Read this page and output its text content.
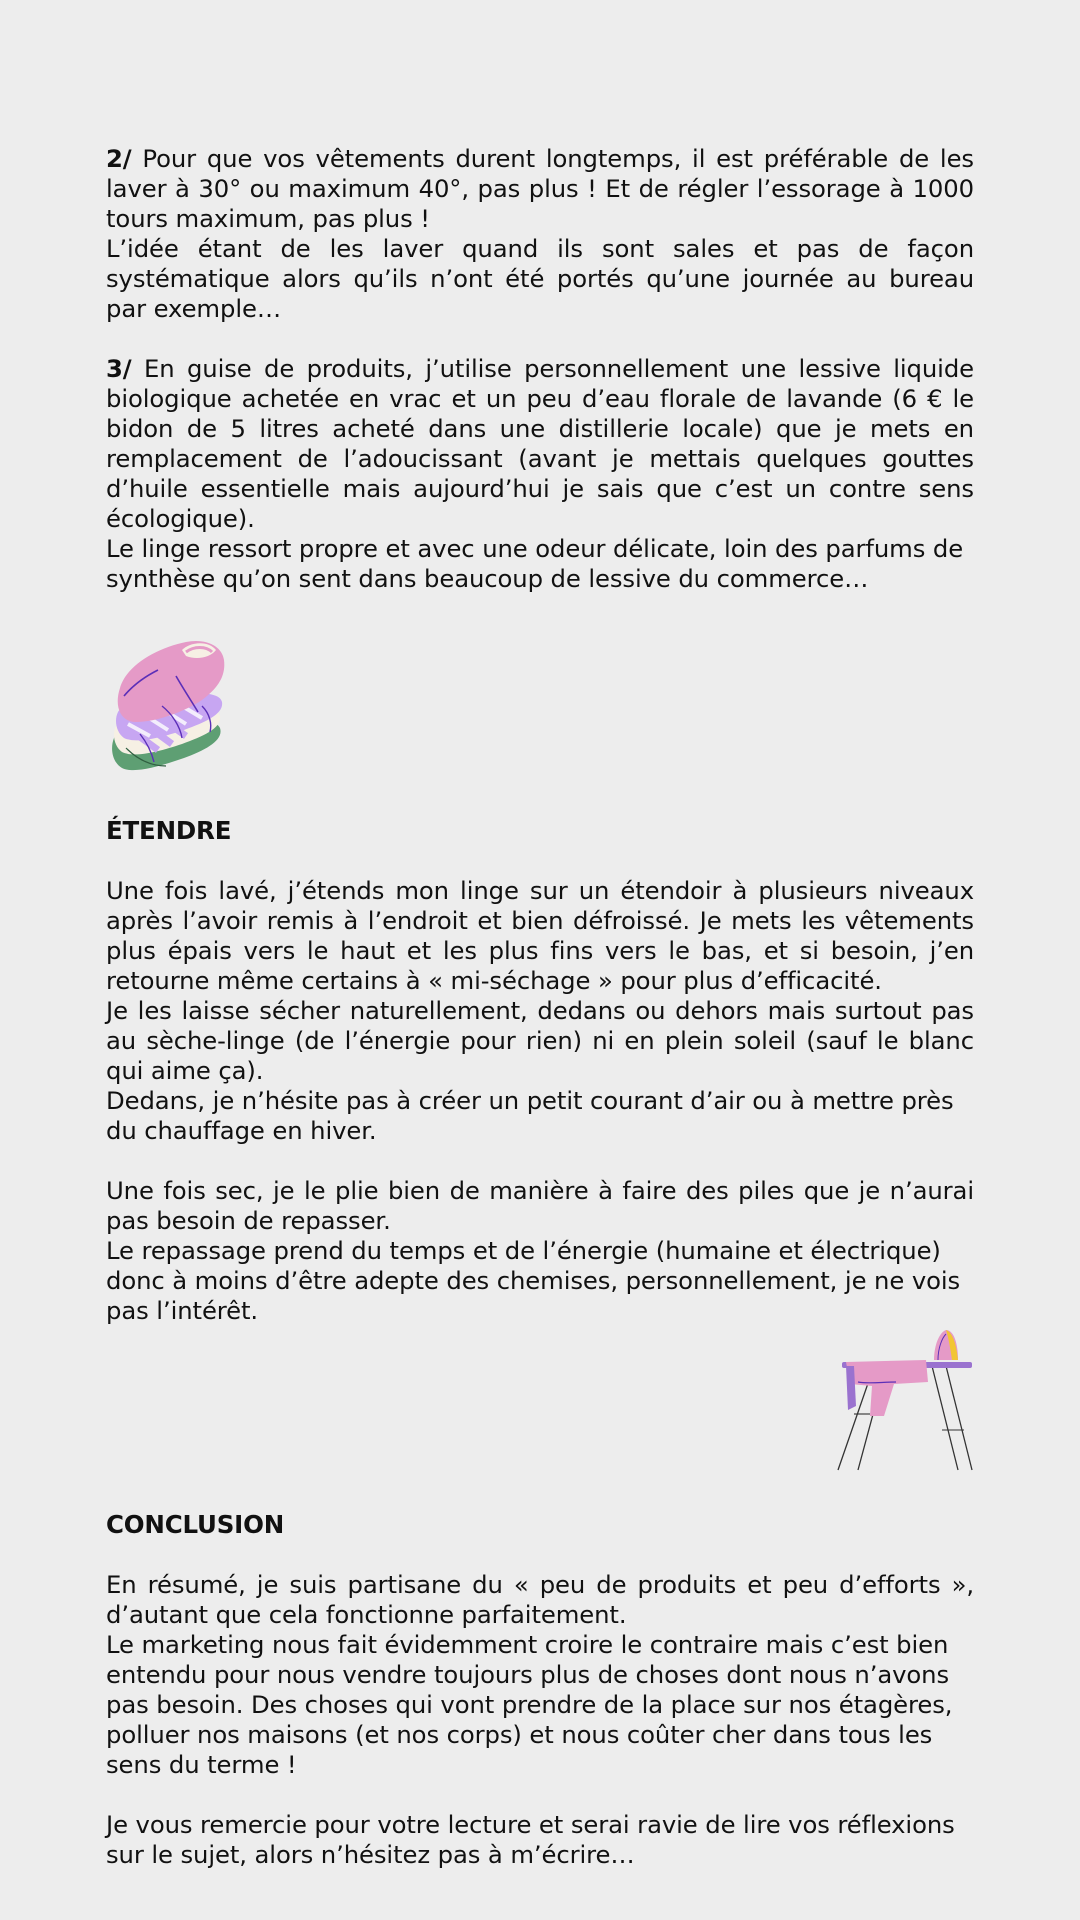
2/ Pour que vos vêtements durent longtemps, il est préférable de les laver à 30° ou maximum 40°, pas plus ! Et de régler l’essorage à 1000 tours maximum, pas plus !

L’idée étant de les laver quand ils sont sales et pas de façon systématique alors qu’ils n’ont été portés qu’une journée au bureau par exemple…

3/ En guise de produits, j’utilise personnellement une lessive liquide biologique achetée en vrac et un peu d’eau florale de lavande (6 € le bidon de 5 litres acheté dans une distillerie locale) que je mets en remplacement de l’adoucissant (avant je mettais quelques gouttes d’huile essentielle mais aujourd’hui je sais que c’est un contre sens écologique).

Le linge ressort propre et avec une odeur délicate, loin des parfums de synthèse qu’on sent dans beaucoup de lessive du commerce…

ÉTENDRE

Une fois lavé, j’étends mon linge sur un étendoir à plusieurs niveaux après l’avoir remis à l’endroit et bien défroissé. Je mets les vêtements plus épais vers le haut et les plus fins vers le bas, et si besoin, j’en retourne même certains à « mi-séchage » pour plus d’efficacité.

Je les laisse sécher naturellement, dedans ou dehors mais surtout pas au sèche-linge (de l’énergie pour rien) ni en plein soleil (sauf le blanc qui aime ça).

Dedans, je n’hésite pas à créer un petit courant d’air ou à mettre près du chauffage en hiver.

Une fois sec, je le plie bien de manière à faire des piles que je n’aurai pas besoin de repasser.

Le repassage prend du temps et de l’énergie (humaine et électrique) donc à moins d’être adepte des chemises, personnellement, je ne vois pas l’intérêt.

CONCLUSION

En résumé, je suis partisane du « peu de produits et peu d’efforts », d’autant que cela fonctionne parfaitement.

Le marketing nous fait évidemment croire le contraire mais c’est bien entendu pour nous vendre toujours plus de choses dont nous n’avons pas besoin. Des choses qui vont prendre de la place sur nos étagères, polluer nos maisons (et nos corps) et nous coûter cher dans tous les sens du terme !

Je vous remercie pour votre lecture et serai ravie de lire vos réflexions sur le sujet, alors n’hésitez pas à m’écrire…
